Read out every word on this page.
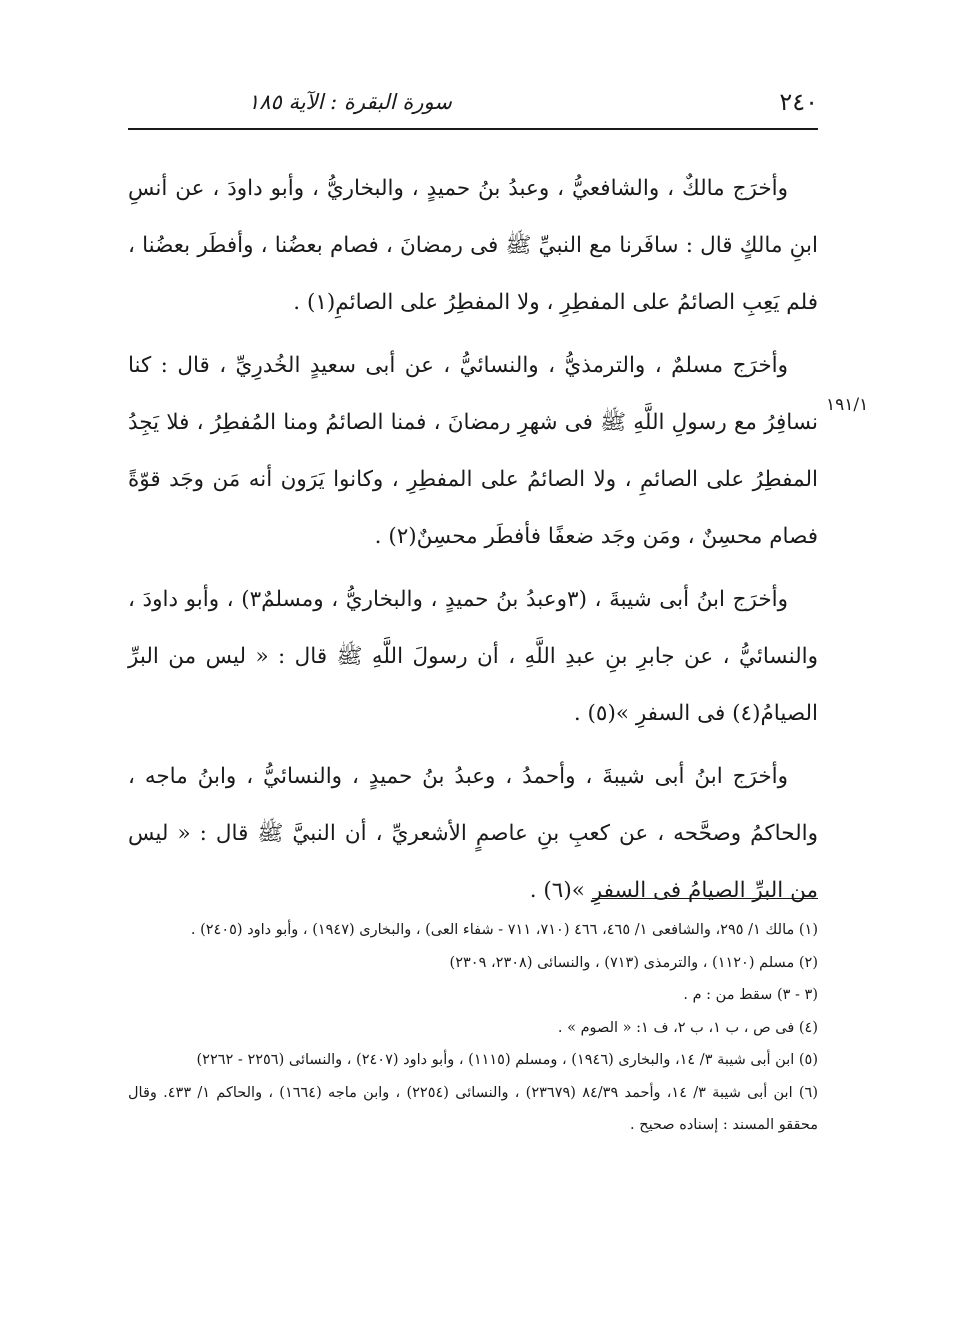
٢٤٠
سورة البقرة : الآية ١٨٥
١٩١/١

وأخرَج مالكٌ ، والشافعيُّ ، وعبدُ بنُ حميدٍ ، والبخاريُّ ، وأبو داودَ ، عن أنسِ ابنِ مالكٍ قال : سافَرنا مع النبيِّ ﷺ فى رمضانَ ، فصام بعضُنا ، وأفطَر بعضُنا ، فلم يَعِبِ الصائمُ على المفطِرِ ، ولا المفطِرُ على الصائمِ(١) .

وأخرَج مسلمٌ ، والترمذيُّ ، والنسائيُّ ، عن أبى سعيدٍ الخُدرِيِّ ، قال : كنا نسافِرُ مع رسولِ اللَّهِ ﷺ فى شهرِ رمضانَ ، فمنا الصائمُ ومنا المُفطِرُ ، فلا يَجِدُ المفطِرُ على الصائمِ ، ولا الصائمُ على المفطِرِ ، وكانوا يَرَون أنه مَن وجَد قوّةً فصام محسِنٌ ، ومَن وجَد ضعفًا فأفطَر محسِنٌ(٢) .

وأخرَج ابنُ أبى شيبةَ ، (٣وعبدُ بنُ حميدٍ ، والبخاريُّ ، ومسلمٌ٣) ، وأبو داودَ ، والنسائيُّ ، عن جابرِ بنِ عبدِ اللَّهِ ، أن رسولَ اللَّهِ ﷺ قال : « ليس من البرِّ الصيامُ(٤) فى السفرِ »(٥) .

وأخرَج ابنُ أبى شيبةَ ، وأحمدُ ، وعبدُ بنُ حميدٍ ، والنسائيُّ ، وابنُ ماجه ، والحاكمُ وصحَّحه ، عن كعبِ بنِ عاصمٍ الأشعريِّ ، أن النبيَّ ﷺ قال : « ليس من البرِّ الصيامُ فى السفرِ »(٦) .

(١) مالك ١/ ٢٩٥، والشافعى ١/ ٤٦٥، ٤٦٦ (٧١٠، ٧١١ - شفاء العى) ، والبخارى (١٩٤٧) ، وأبو داود (٢٤٠٥) .

(٢) مسلم (١١٢٠) ، والترمذى (٧١٣) ، والنسائى (٢٣٠٨، ٢٣٠٩)

(٣ - ٣) سقط من : م .

(٤) فى ص ، ب ١، ب ٢، ف ١: « الصوم » .

(٥) ابن أبى شيبة ٣/ ١٤، والبخارى (١٩٤٦) ، ومسلم (١١١٥) ، وأبو داود (٢٤٠٧) ، والنسائى (٢٢٥٦ - ٢٢٦٢)

(٦) ابن أبى شيبة ٣/ ١٤، وأحمد ٨٤/٣٩ (٢٣٦٧٩) ، والنسائى (٢٢٥٤) ، وابن ماجه (١٦٦٤) ، والحاكم ١/ ٤٣٣. وقال محققو المسند : إسناده صحيح .
